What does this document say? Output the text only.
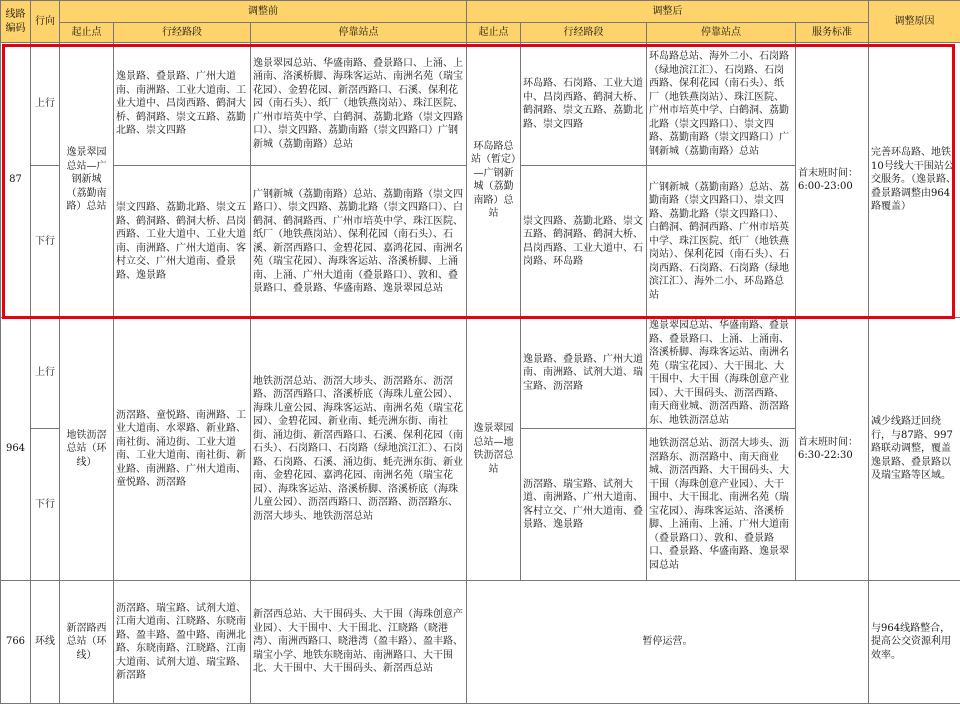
线路编码	行向	调整前			调整后				调整原因
		起止点	行经路段	停靠站点	起止点	行经路段	停靠站点	服务标准	
87	上行	逸景翠园总站—广钢新城（荔勤南路）总站	逸景路、叠景路、广州大道南、南洲路、工业大道南、工业大道中、昌岗西路、鹤洞大桥、鹤洞路、崇文五路、荔勤北路、崇文四路	逸景翠园总站、华盛南路、叠景路口、上涌、上涌南、洛溪桥脚、海珠客运站、南洲名苑（瑞宝花园）、金碧花园、新滘西路口、石溪、保利花园（南石头）、纸厂（地铁燕岗站）、珠江医院、广州市培英中学、白鹤洞、荔勤北路（崇文四路口）、崇文四路、荔勤南路（崇文四路口）广钢新城（荔勤南路）总站	环岛路总站（暂定）—广钢新城（荔勤南路）总站	环岛路、石岗路、工业大道中、昌岗西路、鹤洞大桥、鹤洞路、崇文五路、荔勤北路、崇文四路	环岛路总站、海外二小、石岗路（绿地滨江汇）、石岗路、石岗西路、保利花园（南石头）、纸厂（地铁燕岗站）、珠江医院、广州市培英中学、白鹤洞、荔勤北路（崇文四路口）、崇文四路、荔勤南路（崇文四路口）广钢新城（荔勤南路）总站	首末班时间：6:00-23:00	完善环岛路、地铁10号线大干围站公交服务。（逸景路、叠景路调整由964路覆盖）
	下行		崇文四路、荔勤北路、崇文五路、鹤洞路、鹤洞大桥、昌岗西路、工业大道中、工业大道南、南洲路、广州大道南、客村立交、广州大道南、叠景路、逸景路	广钢新城（荔勤南路）总站、荔勤南路（崇文四路口）、崇文四路、荔勤北路（崇文四路口）、白鹤洞、鹤洞路西、广州市培英中学、珠江医院、纸厂（地铁燕岗站）、保利花园（南石头）、石溪、新滘西路口、金碧花园、嘉鸿花园、南洲名苑（瑞宝花园）、海珠客运站、洛溪桥脚、上涌南、上涌、广州大道南（叠景路口）、敦和、叠景路口、叠景路、华盛南路、逸景翠园总站		崇文四路、荔勤北路、崇文五路、鹤洞路、鹤洞大桥、昌岗西路、工业大道中、石岗路、环岛路	广钢新城（荔勤南路）总站、荔勤南路（崇文四路口）、崇文四路、荔勤北路（崇文四路口）、白鹤洞、鹤洞西路、广州市培英中学、珠江医院、纸厂（地铁燕岗站）、保利花园（南石头）、石岗西路、石岗路、石岗路（绿地滨江汇）、海外二小、环岛路总站		
964	上行	地铁沥滘总站（环线）	沥滘路、童悦路、南洲路、工业大道南、水翠路、新业路、南社街、涌边街、工业大道南、工业大道南、南社街、新业路、南洲路、广州大道南、童悦路、沥滘路	地铁沥滘总站、沥滘大埗头、沥滘路东、沥滘路、沥滘西路口、洛溪桥底（海珠儿童公园）、海珠儿童公园、海珠客运站、南洲名苑（瑞宝花园）、金碧花园、新业南、蚝壳洲东街、南社街、涌边街、新滘西路口、石溪、保利花园（南石头）、石岗路口、石岗路（绿地滨江汇）、石岗路、石岗路、石溪、涌边街、蚝壳洲东街、新业南、金碧花园、嘉鸿花园、南洲名苑（瑞宝花园）、海珠客运站、洛溪桥脚、洛溪桥底（海珠儿童公园）、沥滘西路口、沥滘路、沥滘路东、沥滘大埗头、地铁沥滘总站	逸景翠园总站—地铁沥滘总站	逸景路、叠景路、广州大道南、南洲路、试剂大道、瑞宝路、沥滘路	逸景翠园总站、华盛南路、叠景路、叠景路口、上涌、上涌南、洛溪桥脚、海珠客运站、南洲名苑（瑞宝花园）、大干围北、大干围中、大干围（海珠创意产业园）、大干围码头、沥滘西路、南天商业城、沥滘西路、沥滘路东、地铁沥滘总站	首末班时间：6:30-22:30	减少线路迂回绕行，与87路、997路联动调整，覆盖逸景路、叠景路以及瑞宝路等区域。
	下行					沥滘路、瑞宝路、试剂大道、南洲路、广州大道南、客村立交、广州大道南、叠景路、逸景路	地铁沥滘总站、沥滘大埗头、沥滘路东、沥滘路中、南天商业城、沥滘西路、大干围码头、大干围（海珠创意产业园）、大干围中、大干围北、南洲名苑（瑞宝花园）、海珠客运站、洛溪桥脚、上涌南、上涌、广州大道南（叠景路口）、敦和、叠景路口、叠景路、华盛南路、逸景翠园总站		
766	环线	新滘路西总站（环线）	沥滘路、瑞宝路、试剂大道、江南大道南、江晓路、东晓南路、盈丰路、盈中路、南洲北路、东晓南路、江晓路、江南大道南、试剂大道、瑞宝路、新滘路	新滘西总站、大干围码头、大干围（海珠创意产业园）、大干围中、大干围北、江晓路（晓港湾）、南洲西路口、晓港湾（盈丰路）、盈丰路、瑞宝小学、地铁东晓南站、南洲路口、大干围北、大干围中、大干围码头、新滘西总站	暂停运营。				与964线路整合，提高公交资源利用效率。
